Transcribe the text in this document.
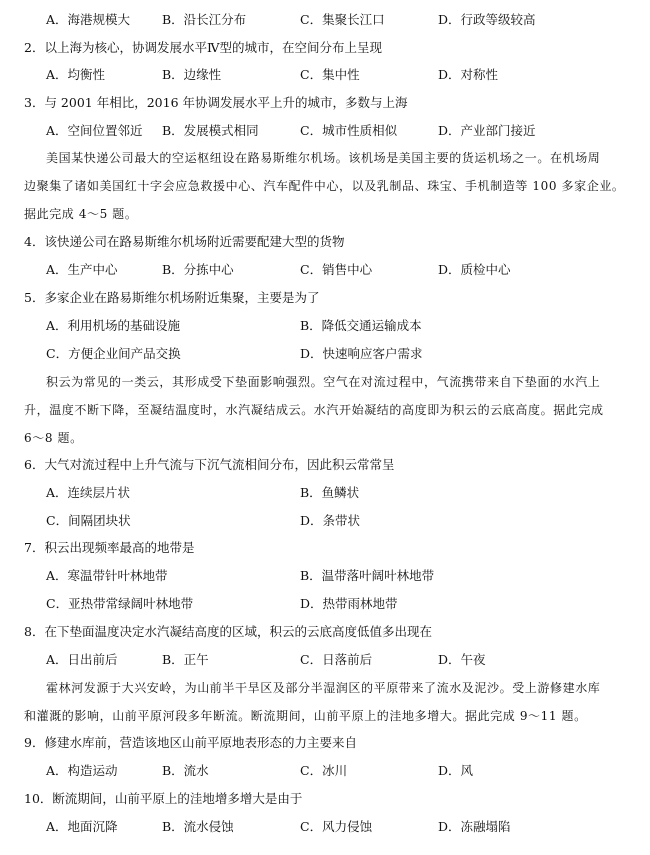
A．海港规模大	B．沿长江分布	C．集聚长江口	D．行政等级较高
2．以上海为核心，协调发展水平Ⅳ型的城市，在空间分布上呈现
A．均衡性	B．边缘性	C．集中性	D．对称性
3．与 2001 年相比，2016 年协调发展水平上升的城市，多数与上海
A．空间位置邻近 B．发展模式相同	C．城市性质相似	D．产业部门接近
美国某快递公司最大的空运枢纽设在路易斯维尔机场。该机场是美国主要的货运机场之一。在机场周
边聚集了诸如美国红十字会应急救援中心、汽车配件中心，以及乳制品、珠宝、手机制造等 100 多家企业。
据此完成 4～5 题。
4．该快递公司在路易斯维尔机场附近需要配建大型的货物
A．生产中心	B．分拣中心	C．销售中心	D．质检中心
5．多家企业在路易斯维尔机场附近集聚，主要是为了
A．利用机场的基础设施	B．降低交通运输成本
C．方便企业间产品交换	D．快速响应客户需求
积云为常见的一类云，其形成受下垫面影响强烈。空气在对流过程中，气流携带来自下垫面的水汽上
升，温度不断下降，至凝结温度时，水汽凝结成云。水汽开始凝结的高度即为积云的云底高度。据此完成
6～8 题。
6．大气对流过程中上升气流与下沉气流相间分布，因此积云常常呈
A．连续层片状	B．鱼鳞状
C．间隔团块状	D．条带状
7．积云出现频率最高的地带是
A．寒温带针叶林地带	B．温带落叶阔叶林地带
C．亚热带常绿阔叶林地带	D．热带雨林地带
8．在下垫面温度决定水汽凝结高度的区域，积云的云底高度低值多出现在
A．日出前后	B．正午	C．日落前后	D．午夜
霍林河发源于大兴安岭，为山前半干旱区及部分半湿润区的平原带来了流水及泥沙。受上游修建水库
和灌溉的影响，山前平原河段多年断流。断流期间，山前平原上的洼地多增大。据此完成 9～11 题。
9．修建水库前，营造该地区山前平原地表形态的力主要来自
A．构造运动	B．流水	C．冰川	D．风
10．断流期间，山前平原上的洼地增多增大是由于
A．地面沉降	B．流水侵蚀	C．风力侵蚀	D．冻融塌陷
